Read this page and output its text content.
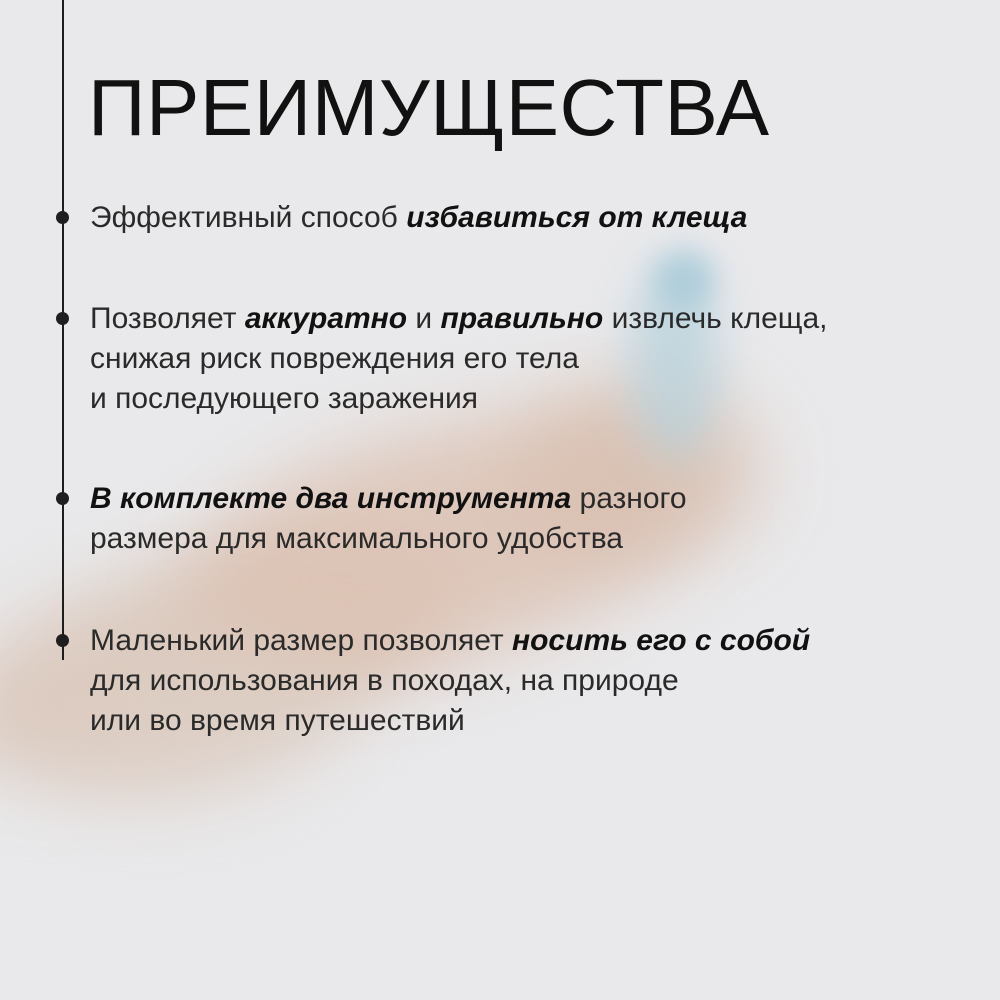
ПРЕИМУЩЕСТВА
Эффективный способ избавиться от клеща
Позволяет аккуратно и правильно извлечь клеща,
снижая риск повреждения его тела
и последующего заражения
В комплекте два инструмента разного
размера для максимального удобства
Маленький размер позволяет носить его с собой
для использования в походах, на природе
или во время путешествий
